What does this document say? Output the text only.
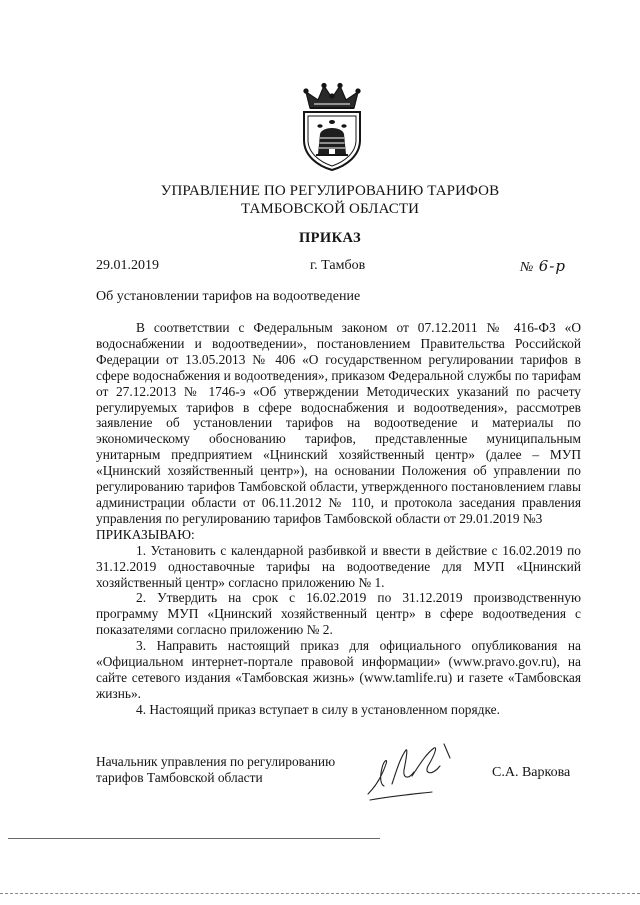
УПРАВЛЕНИЕ ПО РЕГУЛИРОВАНИЮ ТАРИФОВ
ТАМБОВСКОЙ ОБЛАСТИ
ПРИКАЗ
29.01.2019	г. Тамбов	№ 6-р
Об установлении тарифов на водоотведение

В соответствии с Федеральным законом от 07.12.2011 № 416-ФЗ «О водоснабжении и водоотведении», постановлением Правительства Российской Федерации от 13.05.2013 № 406 «О государственном регулировании тарифов в сфере водоснабжения и водоотведения», приказом Федеральной службы по тарифам от 27.12.2013 № 1746-э «Об утверждении Методических указаний по расчету регулируемых тарифов в сфере водоснабжения и водоотведения», рассмотрев заявление об установлении тарифов на водоотведение и материалы по экономическому обоснованию тарифов, представленные муниципальным унитарным предприятием «Цнинский хозяйственный центр» (далее – МУП «Цнинский хозяйственный центр»), на основании Положения об управлении по регулированию тарифов Тамбовской области, утвержденного постановлением главы администрации области от 06.11.2012 № 110, и протокола заседания правления управления по регулированию тарифов Тамбовской области от 29.01.2019 №3

ПРИКАЗЫВАЮ:

1. Установить с календарной разбивкой и ввести в действие с 16.02.2019 по 31.12.2019 одноставочные тарифы на водоотведение для МУП «Цнинский хозяйственный центр» согласно приложению № 1.

2. Утвердить на срок с 16.02.2019 по 31.12.2019 производственную программу МУП «Цнинский хозяйственный центр» в сфере водоотведения с показателями согласно приложению № 2.

3. Направить настоящий приказ для официального опубликования на «Официальном интернет-портале правовой информации» (www.pravo.gov.ru), на сайте сетевого издания «Тамбовская жизнь» (www.tamlife.ru) и газете «Тамбовская жизнь».

4. Настоящий приказ вступает в силу в установленном порядке.

Начальник управления по регулированию
тарифов Тамбовской области	С.А. Варкова
